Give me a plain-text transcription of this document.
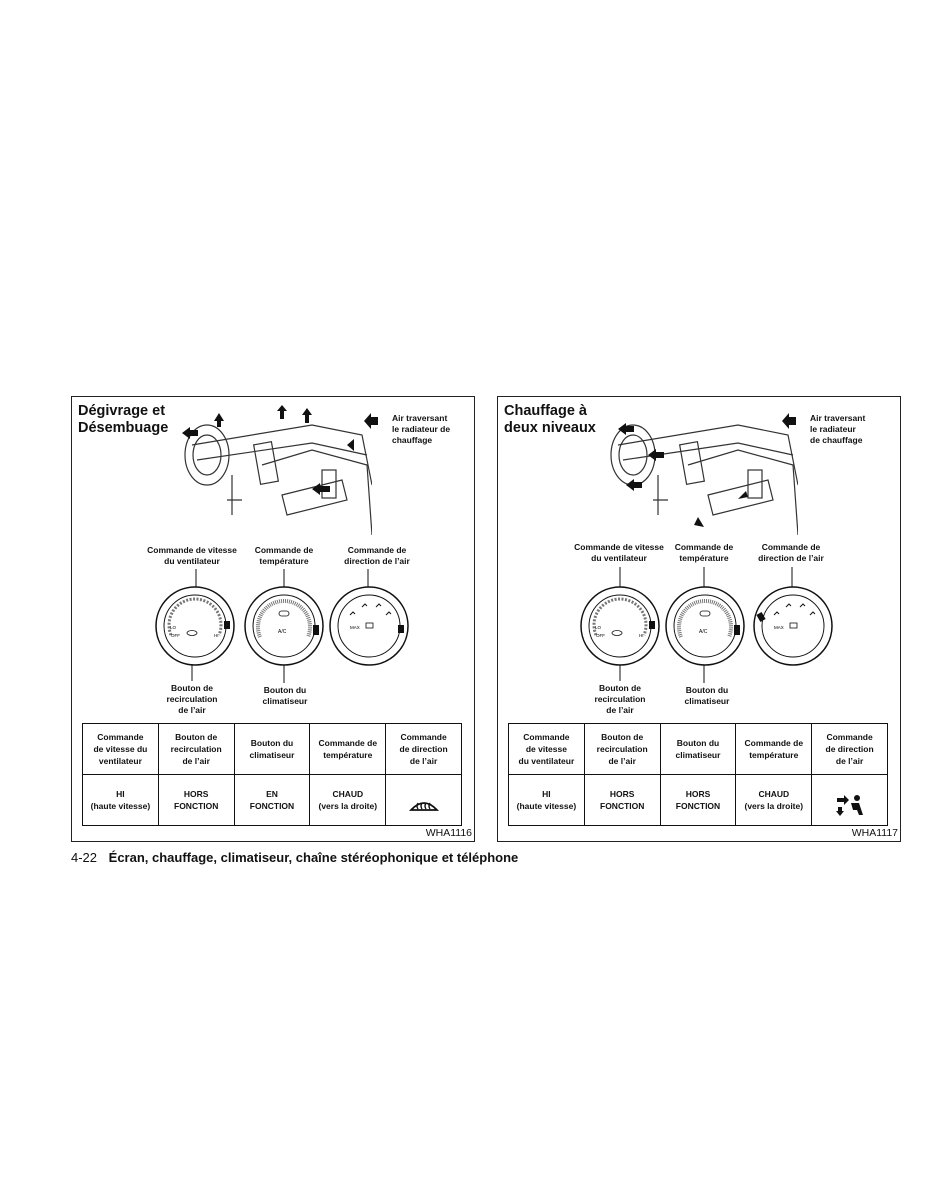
Dégivrage et
Désembuage
Air traversant
le radiateur de
chauffage
Commande de vitesse
du ventilateur
Commande de
température
Commande de
direction de l’air
LO
HI
OFF
A/C
MAX
Bouton de
recirculation
de l’air
Bouton du
climatiseur
Commande
de vitesse du
ventilateur	Bouton de
recirculation
de l’air	Bouton du
climatiseur	Commande de
température	Commande
de direction
de l’air
HI
(haute vitesse)	HORS
FONCTION	EN
FONCTION	CHAUD
(vers la droite)	

WHA1116
Chauffage à
deux niveaux
Air traversant
le radiateur
de chauffage
Commande de vitesse
du ventilateur
Commande de
température
Commande de
direction de l’air
LO
HI
OFF
A/C
MAX
Bouton de
recirculation
de l’air
Bouton du
climatiseur
Commande
de vitesse
du ventilateur	Bouton de
recirculation
de l’air	Bouton du
climatiseur	Commande de
température	Commande
de direction
de l’air
HI
(haute vitesse)	HORS
FONCTION	HORS
FONCTION	CHAUD
(vers la droite)	

WHA1117
4-22 Écran, chauffage, climatiseur, chaîne stéréophonique et téléphone
